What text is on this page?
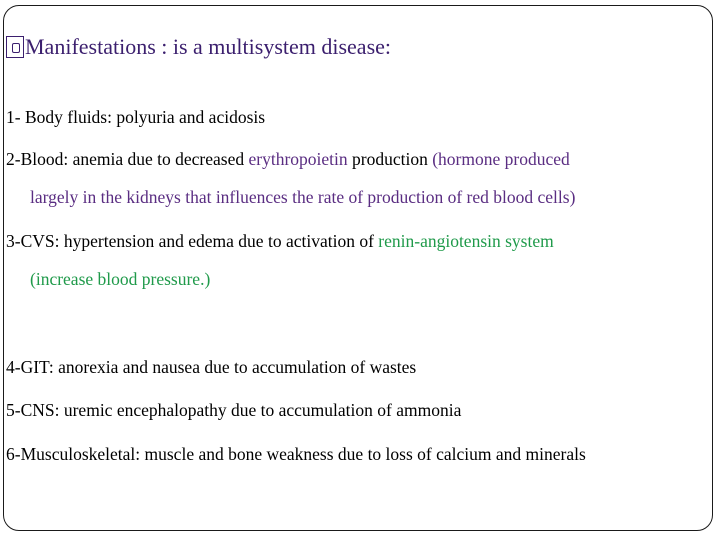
Manifestations : is a multisystem disease:
1- Body fluids: polyuria and acidosis
2-Blood: anemia due to decreased erythropoietin production (hormone produced
largely in the kidneys that influences the rate of production of red blood cells)
3-CVS: hypertension and edema due to activation of renin-angiotensin system
(increase blood pressure.)
4-GIT: anorexia and nausea due to accumulation of wastes
5-CNS: uremic encephalopathy due to accumulation of ammonia
6-Musculoskeletal: muscle and bone weakness due to loss of calcium and minerals
